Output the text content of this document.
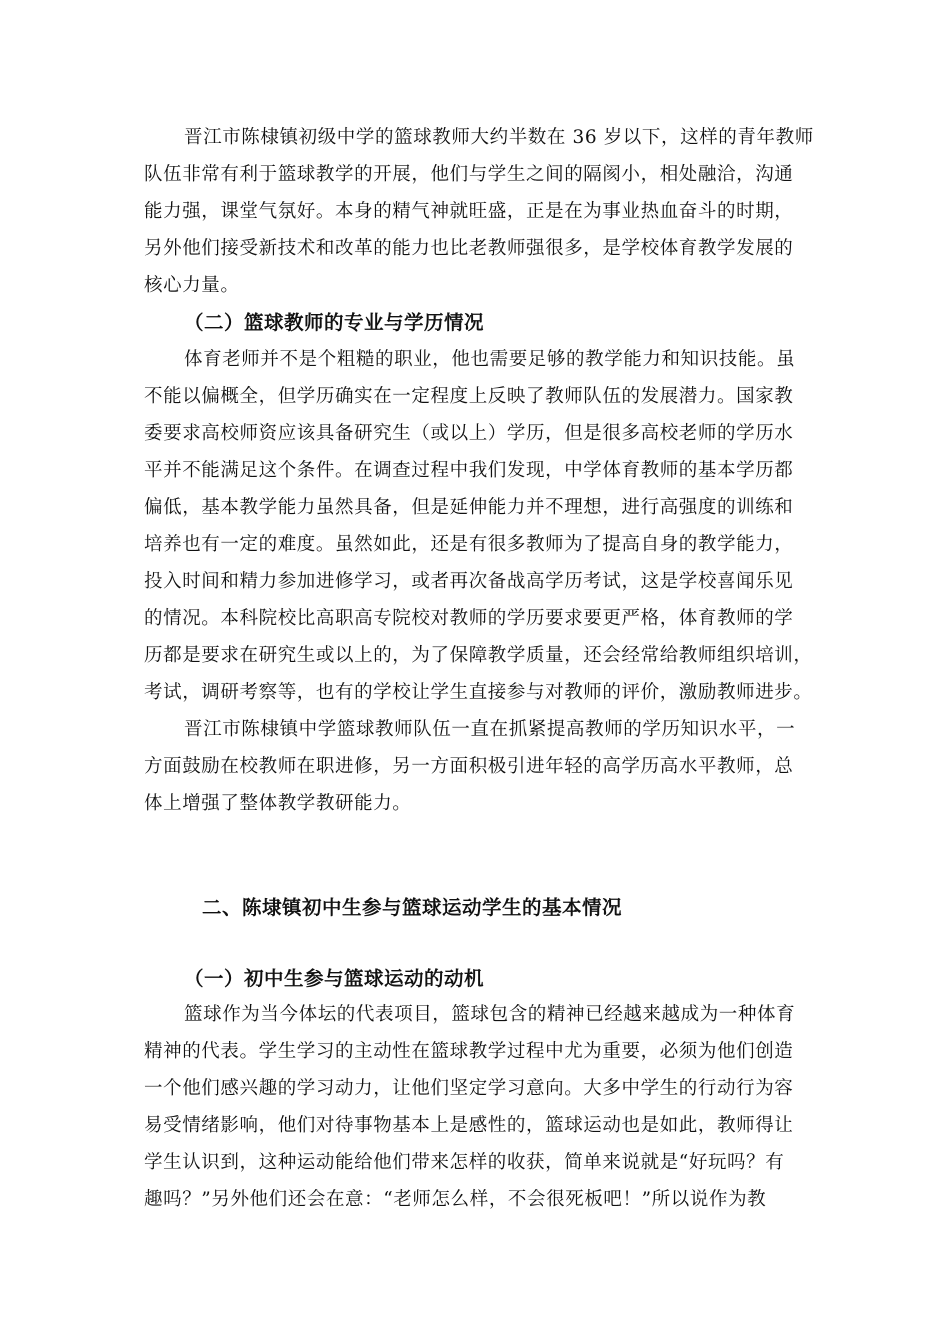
晋江市陈棣镇初级中学的篮球教师大约半数在 36 岁以下，这样的青年教师
队伍非常有利于篮球教学的开展，他们与学生之间的隔阂小，相处融洽，沟通
能力强，课堂气氛好。本身的精气神就旺盛，正是在为事业热血奋斗的时期，
另外他们接受新技术和改革的能力也比老教师强很多，是学校体育教学发展的
核心力量。
（二）篮球教师的专业与学历情况
体育老师并不是个粗糙的职业，他也需要足够的教学能力和知识技能。虽
不能以偏概全，但学历确实在一定程度上反映了教师队伍的发展潜力。国家教
委要求高校师资应该具备研究生（或以上）学历，但是很多高校老师的学历水
平并不能满足这个条件。在调查过程中我们发现，中学体育教师的基本学历都
偏低，基本教学能力虽然具备，但是延伸能力并不理想，进行高强度的训练和
培养也有一定的难度。虽然如此，还是有很多教师为了提高自身的教学能力，
投入时间和精力参加进修学习，或者再次备战高学历考试，这是学校喜闻乐见
的情况。本科院校比高职高专院校对教师的学历要求要更严格，体育教师的学
历都是要求在研究生或以上的，为了保障教学质量，还会经常给教师组织培训，
考试，调研考察等，也有的学校让学生直接参与对教师的评价，激励教师进步。
晋江市陈棣镇中学篮球教师队伍一直在抓紧提高教师的学历知识水平，一
方面鼓励在校教师在职进修，另一方面积极引进年轻的高学历高水平教师，总
体上增强了整体教学教研能力。
二、陈埭镇初中生参与篮球运动学生的基本情况
（一）初中生参与篮球运动的动机
篮球作为当今体坛的代表项目，篮球包含的精神已经越来越成为一种体育
精神的代表。学生学习的主动性在篮球教学过程中尤为重要，必须为他们创造
一个他们感兴趣的学习动力，让他们坚定学习意向。大多中学生的行动行为容
易受情绪影响，他们对待事物基本上是感性的，篮球运动也是如此，教师得让
学生认识到，这种运动能给他们带来怎样的收获，简单来说就是“好玩吗？有
趣吗？”另外他们还会在意：“老师怎么样，不会很死板吧！”所以说作为教
